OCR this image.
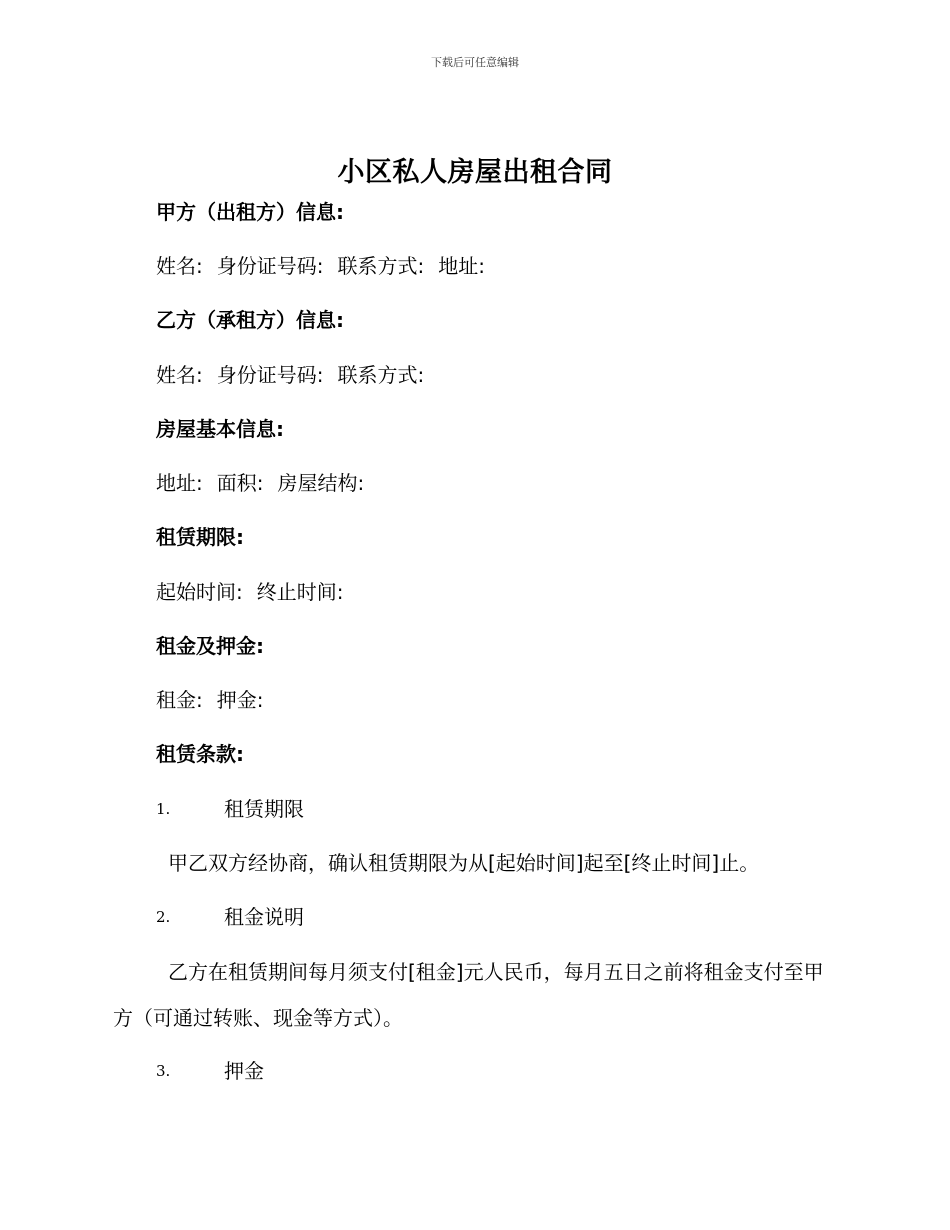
下载后可任意编辑
小区私人房屋出租合同
甲方（出租方）信息:
姓名: 身份证号码: 联系方式: 地址:
乙方（承租方）信息:
姓名: 身份证号码: 联系方式:
房屋基本信息:
地址: 面积: 房屋结构:
租赁期限:
起始时间: 终止时间:
租金及押金:
租金: 押金:
租赁条款:
1.	租赁期限

甲乙双方经协商，确认租赁期限为从[起始时间]起至[终止时间]止。

2.	租金说明

乙方在租赁期间每月须支付[租金]元人民币，每月五日之前将租金支付至甲方（可通过转账、现金等方式）。

3.	押金
